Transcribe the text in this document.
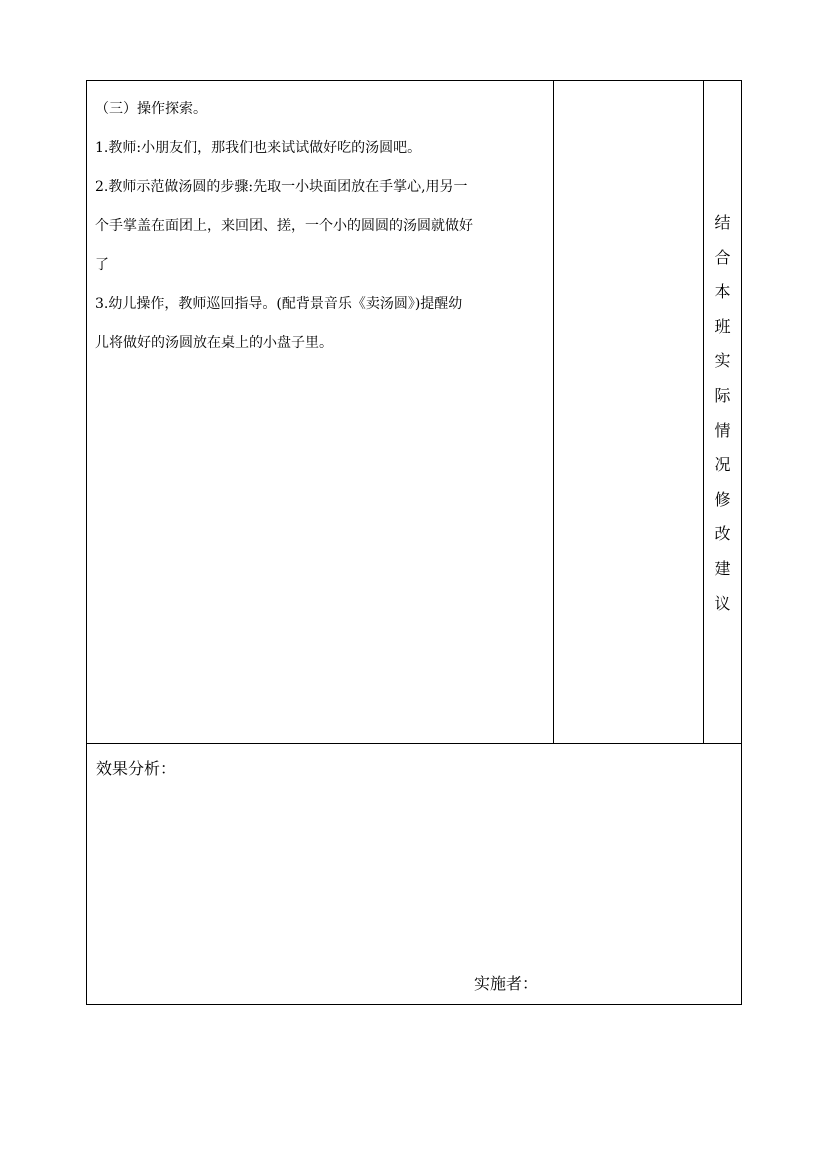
（三）操作探索。

1.教师:小朋友们，那我们也来试试做好吃的汤圆吧。

2.教师示范做汤圆的步骤:先取一小块面团放在手掌心,用另一

个手掌盖在面团上，来回团、搓，一个小的圆圆的汤圆就做好

了

3.幼儿操作，教师巡回指导。(配背景音乐《卖汤圆》)提醒幼

儿将做好的汤圆放在桌上的小盘子里。

结
合
本
班
实
际
情
况
修
改
建
议
效果分析：
实施者：
